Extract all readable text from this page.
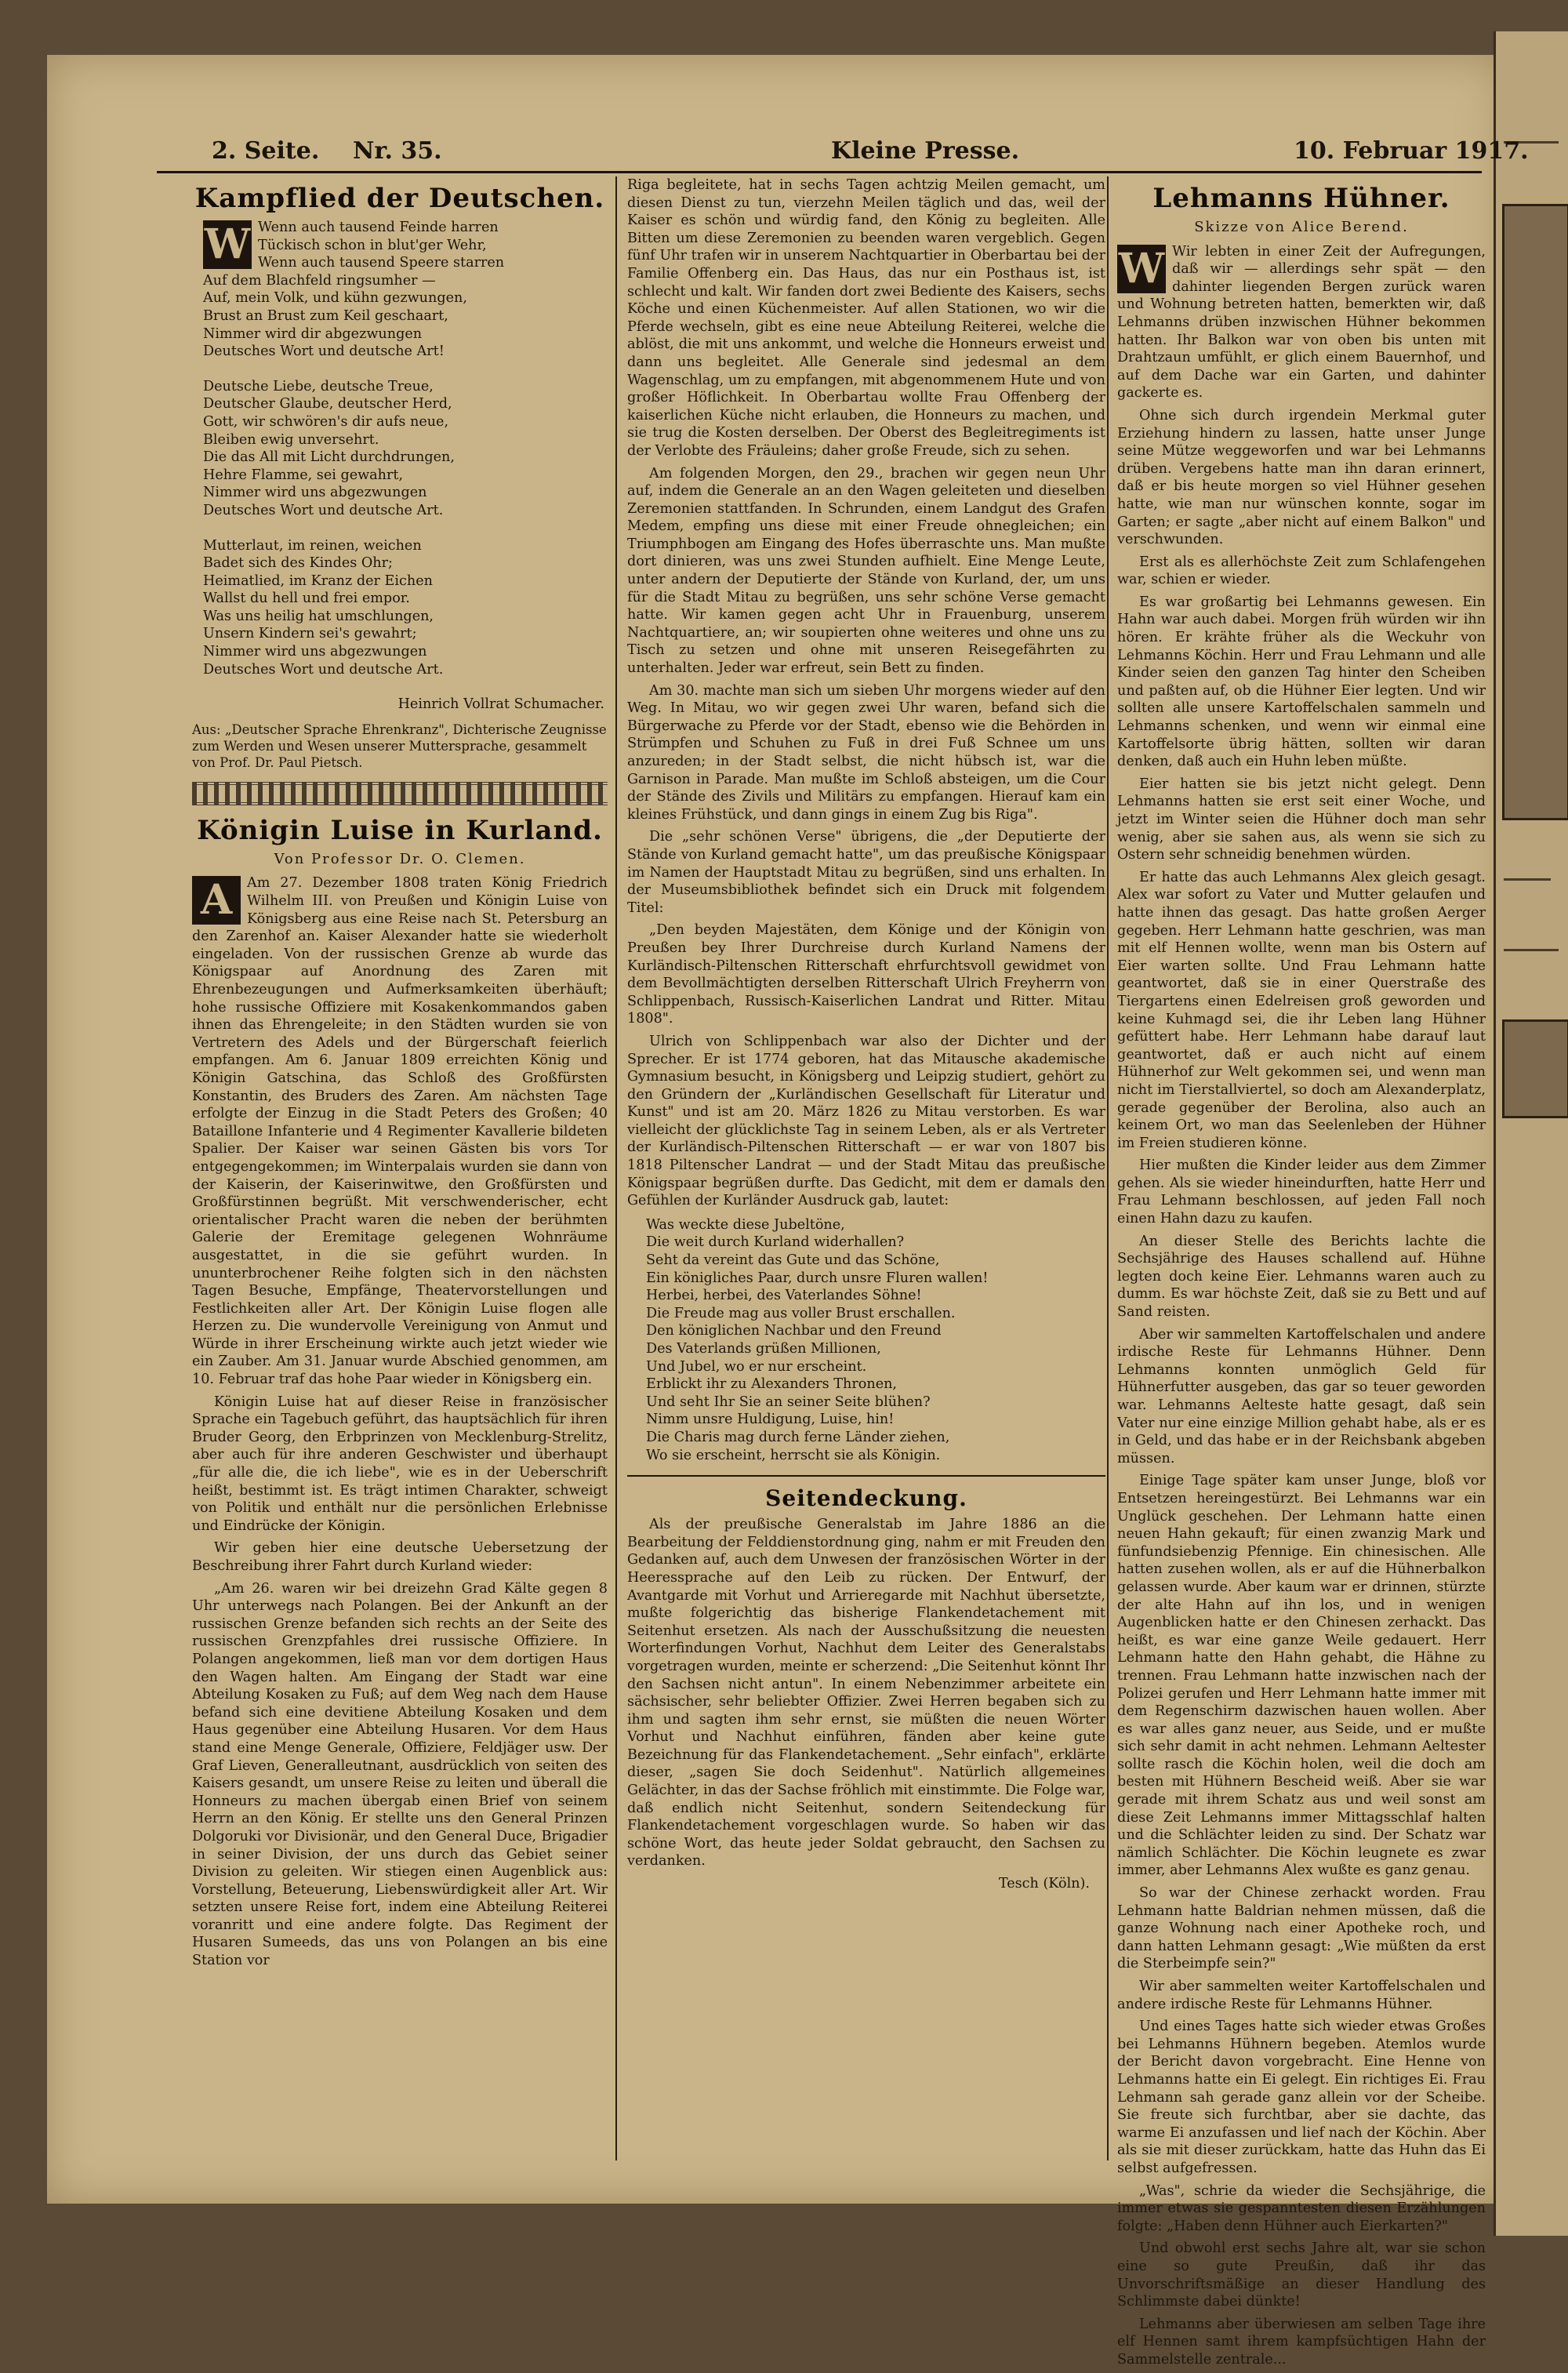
2. Seite. Nr. 35.	Kleine Presse.	10. Februar 1917.
Kampflied der Deutschen.
W Wenn auch tausend Feinde harren

Tückisch schon in blut'ger Wehr,

Wenn auch tausend Speere starren

Auf dem Blachfeld ringsumher —

Auf, mein Volk, und kühn gezwungen,

Brust an Brust zum Keil geschaart,

Nimmer wird dir abgezwungen

Deutsches Wort und deutsche Art!

Deutsche Liebe, deutsche Treue,

Deutscher Glaube, deutscher Herd,

Gott, wir schwören's dir aufs neue,

Bleiben ewig unversehrt.

Die das All mit Licht durchdrungen,

Hehre Flamme, sei gewahrt,

Nimmer wird uns abgezwungen

Deutsches Wort und deutsche Art.

Mutterlaut, im reinen, weichen

Badet sich des Kindes Ohr;

Heimatlied, im Kranz der Eichen

Wallst du hell und frei empor.

Was uns heilig hat umschlungen,

Unsern Kindern sei's gewahrt;

Nimmer wird uns abgezwungen

Deutsches Wort und deutsche Art.

Heinrich Vollrat Schumacher.
Aus: „Deutscher Sprache Ehrenkranz", Dichterische Zeugnisse zum Werden und Wesen unserer Muttersprache, gesammelt von Prof. Dr. Paul Pietsch.
Königin Luise in Kurland.
Von Professor Dr. O. Clemen.
A	Am 27. Dezember 1808 traten König Friedrich Wilhelm III. von Preußen und Königin Luise von Königsberg aus eine Reise nach St. Petersburg an den Zarenhof an. Kaiser Alexander hatte sie wiederholt eingeladen. Von der russischen Grenze ab wurde das Königspaar auf Anordnung des Zaren mit Ehrenbezeugungen und Aufmerksamkeiten überhäuft; hohe russische Offiziere mit Kosakenkommandos gaben ihnen das Ehrengeleite; in den Städten wurden sie von Vertretern des Adels und der Bürgerschaft feierlich empfangen. Am 6. Januar 1809 erreichten König und Königin Gatschina, das Schloß des Großfürsten Konstantin, des Bruders des Zaren. Am nächsten Tage erfolgte der Einzug in die Stadt Peters des Großen; 40 Bataillone Infanterie und 4 Regimenter Kavallerie bildeten Spalier. Der Kaiser war seinen Gästen bis vors Tor entgegengekommen; im Winterpalais wurden sie dann von der Kaiserin, der Kaiserinwitwe, den Großfürsten und Großfürstinnen begrüßt. Mit verschwenderischer, echt orientalischer Pracht waren die neben der berühmten Galerie der Eremitage gelegenen Wohnräume ausgestattet, in die sie geführt wurden. In ununterbrochener Reihe folgten sich in den nächsten Tagen Besuche, Empfänge, Theatervorstellungen und Festlichkeiten aller Art. Der Königin Luise flogen alle Herzen zu. Die wundervolle Vereinigung von Anmut und Würde in ihrer Erscheinung wirkte auch jetzt wieder wie ein Zauber. Am 31. Januar wurde Abschied genommen, am 10. Februar traf das hohe Paar wieder in Königsberg ein.

Königin Luise hat auf dieser Reise in französischer Sprache ein Tagebuch geführt, das hauptsächlich für ihren Bruder Georg, den Erbprinzen von Mecklenburg-Strelitz, aber auch für ihre anderen Geschwister und überhaupt „für alle die, die ich liebe", wie es in der Ueberschrift heißt, bestimmt ist. Es trägt intimen Charakter, schweigt von Politik und enthält nur die persönlichen Erlebnisse und Eindrücke der Königin.

Wir geben hier eine deutsche Uebersetzung der Beschreibung ihrer Fahrt durch Kurland wieder:

„Am 26. waren wir bei dreizehn Grad Kälte gegen 8 Uhr unterwegs nach Polangen. Bei der Ankunft an der russischen Grenze befanden sich rechts an der Seite des russischen Grenzpfahles drei russische Offiziere. In Polangen angekommen, ließ man vor dem dortigen Haus den Wagen halten. Am Eingang der Stadt war eine Abteilung Kosaken zu Fuß; auf dem Weg nach dem Hause befand sich eine devitiene Abteilung Kosaken und dem Haus gegenüber eine Abteilung Husaren. Vor dem Haus stand eine Menge Generale, Offiziere, Feldjäger usw. Der Graf Lieven, Generalleutnant, ausdrücklich von seiten des Kaisers gesandt, um unsere Reise zu leiten und überall die Honneurs zu machen übergab einen Brief von seinem Herrn an den König. Er stellte uns den General Prinzen Dolgoruki vor Divisionär, und den General Duce, Brigadier in seiner Division, der uns durch das Gebiet seiner Division zu geleiten. Wir stiegen einen Augenblick aus: Vorstellung, Beteuerung, Liebenswürdigkeit aller Art. Wir setzten unsere Reise fort, indem eine Abteilung Reiterei voranritt und eine andere folgte. Das Regiment der Husaren Sumeeds, das uns von Polangen an bis eine Station vor

Riga begleitete, hat in sechs Tagen achtzig Meilen gemacht, um diesen Dienst zu tun, vierzehn Meilen täglich und das, weil der Kaiser es schön und würdig fand, den König zu begleiten. Alle Bitten um diese Zeremonien zu beenden waren vergeblich. Gegen fünf Uhr trafen wir in unserem Nachtquartier in Oberbartau bei der Familie Offenberg ein. Das Haus, das nur ein Posthaus ist, ist schlecht und kalt. Wir fanden dort zwei Bediente des Kaisers, sechs Köche und einen Küchenmeister. Auf allen Stationen, wo wir die Pferde wechseln, gibt es eine neue Abteilung Reiterei, welche die ablöst, die mit uns ankommt, und welche die Honneurs erweist und dann uns begleitet. Alle Generale sind jedesmal an dem Wagenschlag, um zu empfangen, mit abgenommenem Hute und von großer Höflichkeit. In Oberbartau wollte Frau Offenberg der kaiserlichen Küche nicht erlauben, die Honneurs zu machen, und sie trug die Kosten derselben. Der Oberst des Begleitregiments ist der Verlobte des Fräuleins; daher große Freude, sich zu sehen.

Am folgenden Morgen, den 29., brachen wir gegen neun Uhr auf, indem die Generale an an den Wagen geleiteten und dieselben Zeremonien stattfanden. In Schrunden, einem Landgut des Grafen Medem, empfing uns diese mit einer Freude ohnegleichen; ein Triumphbogen am Eingang des Hofes überraschte uns. Man mußte dort dinieren, was uns zwei Stunden aufhielt. Eine Menge Leute, unter andern der Deputierte der Stände von Kurland, der, um uns für die Stadt Mitau zu begrüßen, uns sehr schöne Verse gemacht hatte. Wir kamen gegen acht Uhr in Frauenburg, unserem Nachtquartiere, an; wir soupierten ohne weiteres und ohne uns zu Tisch zu setzen und ohne mit unseren Reisegefährten zu unterhalten. Jeder war erfreut, sein Bett zu finden.

Am 30. machte man sich um sieben Uhr morgens wieder auf den Weg. In Mitau, wo wir gegen zwei Uhr waren, befand sich die Bürgerwache zu Pferde vor der Stadt, ebenso wie die Behörden in Strümpfen und Schuhen zu Fuß in drei Fuß Schnee um uns anzureden; in der Stadt selbst, die nicht hübsch ist, war die Garnison in Parade. Man mußte im Schloß absteigen, um die Cour der Stände des Zivils und Militärs zu empfangen. Hierauf kam ein kleines Frühstück, und dann gings in einem Zug bis Riga".

Die „sehr schönen Verse" übrigens, die „der Deputierte der Stände von Kurland gemacht hatte", um das preußische Königspaar im Namen der Hauptstadt Mitau zu begrüßen, sind uns erhalten. In der Museumsbibliothek befindet sich ein Druck mit folgendem Titel:

„Den beyden Majestäten, dem Könige und der Königin von Preußen bey Ihrer Durchreise durch Kurland Namens der Kurländisch-Piltenschen Ritterschaft ehrfurchtsvoll gewidmet von dem Bevollmächtigten derselben Ritterschaft Ulrich Freyherrn von Schlippenbach, Russisch-Kaiserlichen Landrat und Ritter. Mitau 1808".

Ulrich von Schlippenbach war also der Dichter und der Sprecher. Er ist 1774 geboren, hat das Mitausche akademische Gymnasium besucht, in Königsberg und Leipzig studiert, gehört zu den Gründern der „Kurländischen Gesellschaft für Literatur und Kunst" und ist am 20. März 1826 zu Mitau verstorben. Es war vielleicht der glücklichste Tag in seinem Leben, als er als Vertreter der Kurländisch-Piltenschen Ritterschaft — er war von 1807 bis 1818 Piltenscher Landrat — und der Stadt Mitau das preußische Königspaar begrüßen durfte. Das Gedicht, mit dem er damals den Gefühlen der Kurländer Ausdruck gab, lautet:

Was weckte diese Jubeltöne,

Die weit durch Kurland widerhallen?

Seht da vereint das Gute und das Schöne,

Ein königliches Paar, durch unsre Fluren wallen!

Herbei, herbei, des Vaterlandes Söhne!

Die Freude mag aus voller Brust erschallen.

Den königlichen Nachbar und den Freund

Des Vaterlands grüßen Millionen,

Und Jubel, wo er nur erscheint.

Erblickt ihr zu Alexanders Thronen,

Und seht Ihr Sie an seiner Seite blühen?

Nimm unsre Huldigung, Luise, hin!

Die Charis mag durch ferne Länder ziehen,

Wo sie erscheint, herrscht sie als Königin.

Seitendeckung.

Als der preußische Generalstab im Jahre 1886 an die Bearbeitung der Felddienstordnung ging, nahm er mit Freuden den Gedanken auf, auch dem Unwesen der französischen Wörter in der Heeressprache auf den Leib zu rücken. Der Entwurf, der Avantgarde mit Vorhut und Arrieregarde mit Nachhut übersetzte, mußte folgerichtig das bisherige Flankendetachement mit Seitenhut ersetzen. Als nach der Ausschußsitzung die neuesten Worterfindungen Vorhut, Nachhut dem Leiter des Generalstabs vorgetragen wurden, meinte er scherzend: „Die Seitenhut könnt Ihr den Sachsen nicht antun". In einem Nebenzimmer arbeitete ein sächsischer, sehr beliebter Offizier. Zwei Herren begaben sich zu ihm und sagten ihm sehr ernst, sie müßten die neuen Wörter Vorhut und Nachhut einführen, fänden aber keine gute Bezeichnung für das Flankendetachement. „Sehr einfach", erklärte dieser, „sagen Sie doch Seidenhut". Natürlich allgemeines Gelächter, in das der Sachse fröhlich mit einstimmte. Die Folge war, daß endlich nicht Seitenhut, sondern Seitendeckung für Flankendetachement vorgeschlagen wurde. So haben wir das schöne Wort, das heute jeder Soldat gebraucht, den Sachsen zu verdanken.

Tesch (Köln).
Lehmanns Hühner.
Skizze von Alice Berend.
W Wir lebten in einer Zeit der Aufregungen, daß wir — allerdings sehr spät — den dahinter liegenden Bergen zurück waren und Wohnung betreten hatten, bemerkten wir, daß Lehmanns drüben inzwischen Hühner bekommen hatten. Ihr Balkon war von oben bis unten mit Drahtzaun umfühlt, er glich einem Bauernhof, und auf dem Dache war ein Garten, und dahinter gackerte es.

Ohne sich durch irgendein Merkmal guter Erziehung hindern zu lassen, hatte unser Junge seine Mütze weggeworfen und war bei Lehmanns drüben. Vergebens hatte man ihn daran erinnert, daß er bis heute morgen so viel Hühner gesehen hatte, wie man nur wünschen konnte, sogar im Garten; er sagte „aber nicht auf einem Balkon" und verschwunden.

Erst als es allerhöchste Zeit zum Schlafengehen war, schien er wieder.

Es war großartig bei Lehmanns gewesen. Ein Hahn war auch dabei. Morgen früh würden wir ihn hören. Er krähte früher als die Weckuhr von Lehmanns Köchin. Herr und Frau Lehmann und alle Kinder seien den ganzen Tag hinter den Scheiben und paßten auf, ob die Hühner Eier legten. Und wir sollten alle unsere Kartoffelschalen sammeln und Lehmanns schenken, und wenn wir einmal eine Kartoffelsorte übrig hätten, sollten wir daran denken, daß auch ein Huhn leben müßte.

Eier hatten sie bis jetzt nicht gelegt. Denn Lehmanns hatten sie erst seit einer Woche, und jetzt im Winter seien die Hühner doch man sehr wenig, aber sie sahen aus, als wenn sie sich zu Ostern sehr schneidig benehmen würden.

Er hatte das auch Lehmanns Alex gleich gesagt. Alex war sofort zu Vater und Mutter gelaufen und hatte ihnen das gesagt. Das hatte großen Aerger gegeben. Herr Lehmann hatte geschrien, was man mit elf Hennen wollte, wenn man bis Ostern auf Eier warten sollte. Und Frau Lehmann hatte geantwortet, daß sie in einer Querstraße des Tiergartens einen Edelreisen groß geworden und keine Kuhmagd sei, die ihr Leben lang Hühner gefüttert habe. Herr Lehmann habe darauf laut geantwortet, daß er auch nicht auf einem Hühnerhof zur Welt gekommen sei, und wenn man nicht im Tierstallviertel, so doch am Alexanderplatz, gerade gegenüber der Berolina, also auch an keinem Ort, wo man das Seelenleben der Hühner im Freien studieren könne.

Hier mußten die Kinder leider aus dem Zimmer gehen. Als sie wieder hineindurften, hatte Herr und Frau Lehmann beschlossen, auf jeden Fall noch einen Hahn dazu zu kaufen.

An dieser Stelle des Berichts lachte die Sechsjährige des Hauses schallend auf. Hühne legten doch keine Eier. Lehmanns waren auch zu dumm. Es war höchste Zeit, daß sie zu Bett und auf Sand reisten.

Aber wir sammelten Kartoffelschalen und andere irdische Reste für Lehmanns Hühner. Denn Lehmanns konnten unmöglich Geld für Hühnerfutter ausgeben, das gar so teuer geworden war. Lehmanns Aelteste hatte gesagt, daß sein Vater nur eine einzige Million gehabt habe, als er es in Geld, und das habe er in der Reichsbank abgeben müssen.

Einige Tage später kam unser Junge, bloß vor Entsetzen hereingestürzt. Bei Lehmanns war ein Unglück geschehen. Der Lehmann hatte einen neuen Hahn gekauft; für einen zwanzig Mark und fünfundsiebenzig Pfennige. Ein chinesischen. Alle hatten zusehen wollen, als er auf die Hühnerbalkon gelassen wurde. Aber kaum war er drinnen, stürzte der alte Hahn auf ihn los, und in wenigen Augenblicken hatte er den Chinesen zerhackt. Das heißt, es war eine ganze Weile gedauert. Herr Lehmann hatte den Hahn gehabt, die Hähne zu trennen. Frau Lehmann hatte inzwischen nach der Polizei gerufen und Herr Lehmann hatte immer mit dem Regenschirm dazwischen hauen wollen. Aber es war alles ganz neuer, aus Seide, und er mußte sich sehr damit in acht nehmen. Lehmann Aeltester sollte rasch die Köchin holen, weil die doch am besten mit Hühnern Bescheid weiß. Aber sie war gerade mit ihrem Schatz aus und weil sonst am diese Zeit Lehmanns immer Mittagsschlaf halten und die Schlächter leiden zu sind. Der Schatz war nämlich Schlächter. Die Köchin leugnete es zwar immer, aber Lehmanns Alex wußte es ganz genau.

So war der Chinese zerhackt worden. Frau Lehmann hatte Baldrian nehmen müssen, daß die ganze Wohnung nach einer Apotheke roch, und dann hatten Lehmann gesagt: „Wie müßten da erst die Sterbeimpfe sein?"

Wir aber sammelten weiter Kartoffelschalen und andere irdische Reste für Lehmanns Hühner.

Und eines Tages hatte sich wieder etwas Großes bei Lehmanns Hühnern begeben. Atemlos wurde der Bericht davon vorgebracht. Eine Henne von Lehmanns hatte ein Ei gelegt. Ein richtiges Ei. Frau Lehmann sah gerade ganz allein vor der Scheibe. Sie freute sich furchtbar, aber sie dachte, das warme Ei anzufassen und lief nach der Köchin. Aber als sie mit dieser zurückkam, hatte das Huhn das Ei selbst aufgefressen.

„Was", schrie da wieder die Sechsjährige, die immer etwas sie gespanntesten diesen Erzählungen folgte: „Haben denn Hühner auch Eierkarten?"

Und obwohl erst sechs Jahre alt, war sie schon eine so gute Preußin, daß ihr das Unvorschriftsmäßige an dieser Handlung des Schlimmste dabei dünkte!

Lehmanns aber überwiesen am selben Tage ihre elf Hennen samt ihrem kampfsüchtigen Hahn der Sammelstelle zentrale...
